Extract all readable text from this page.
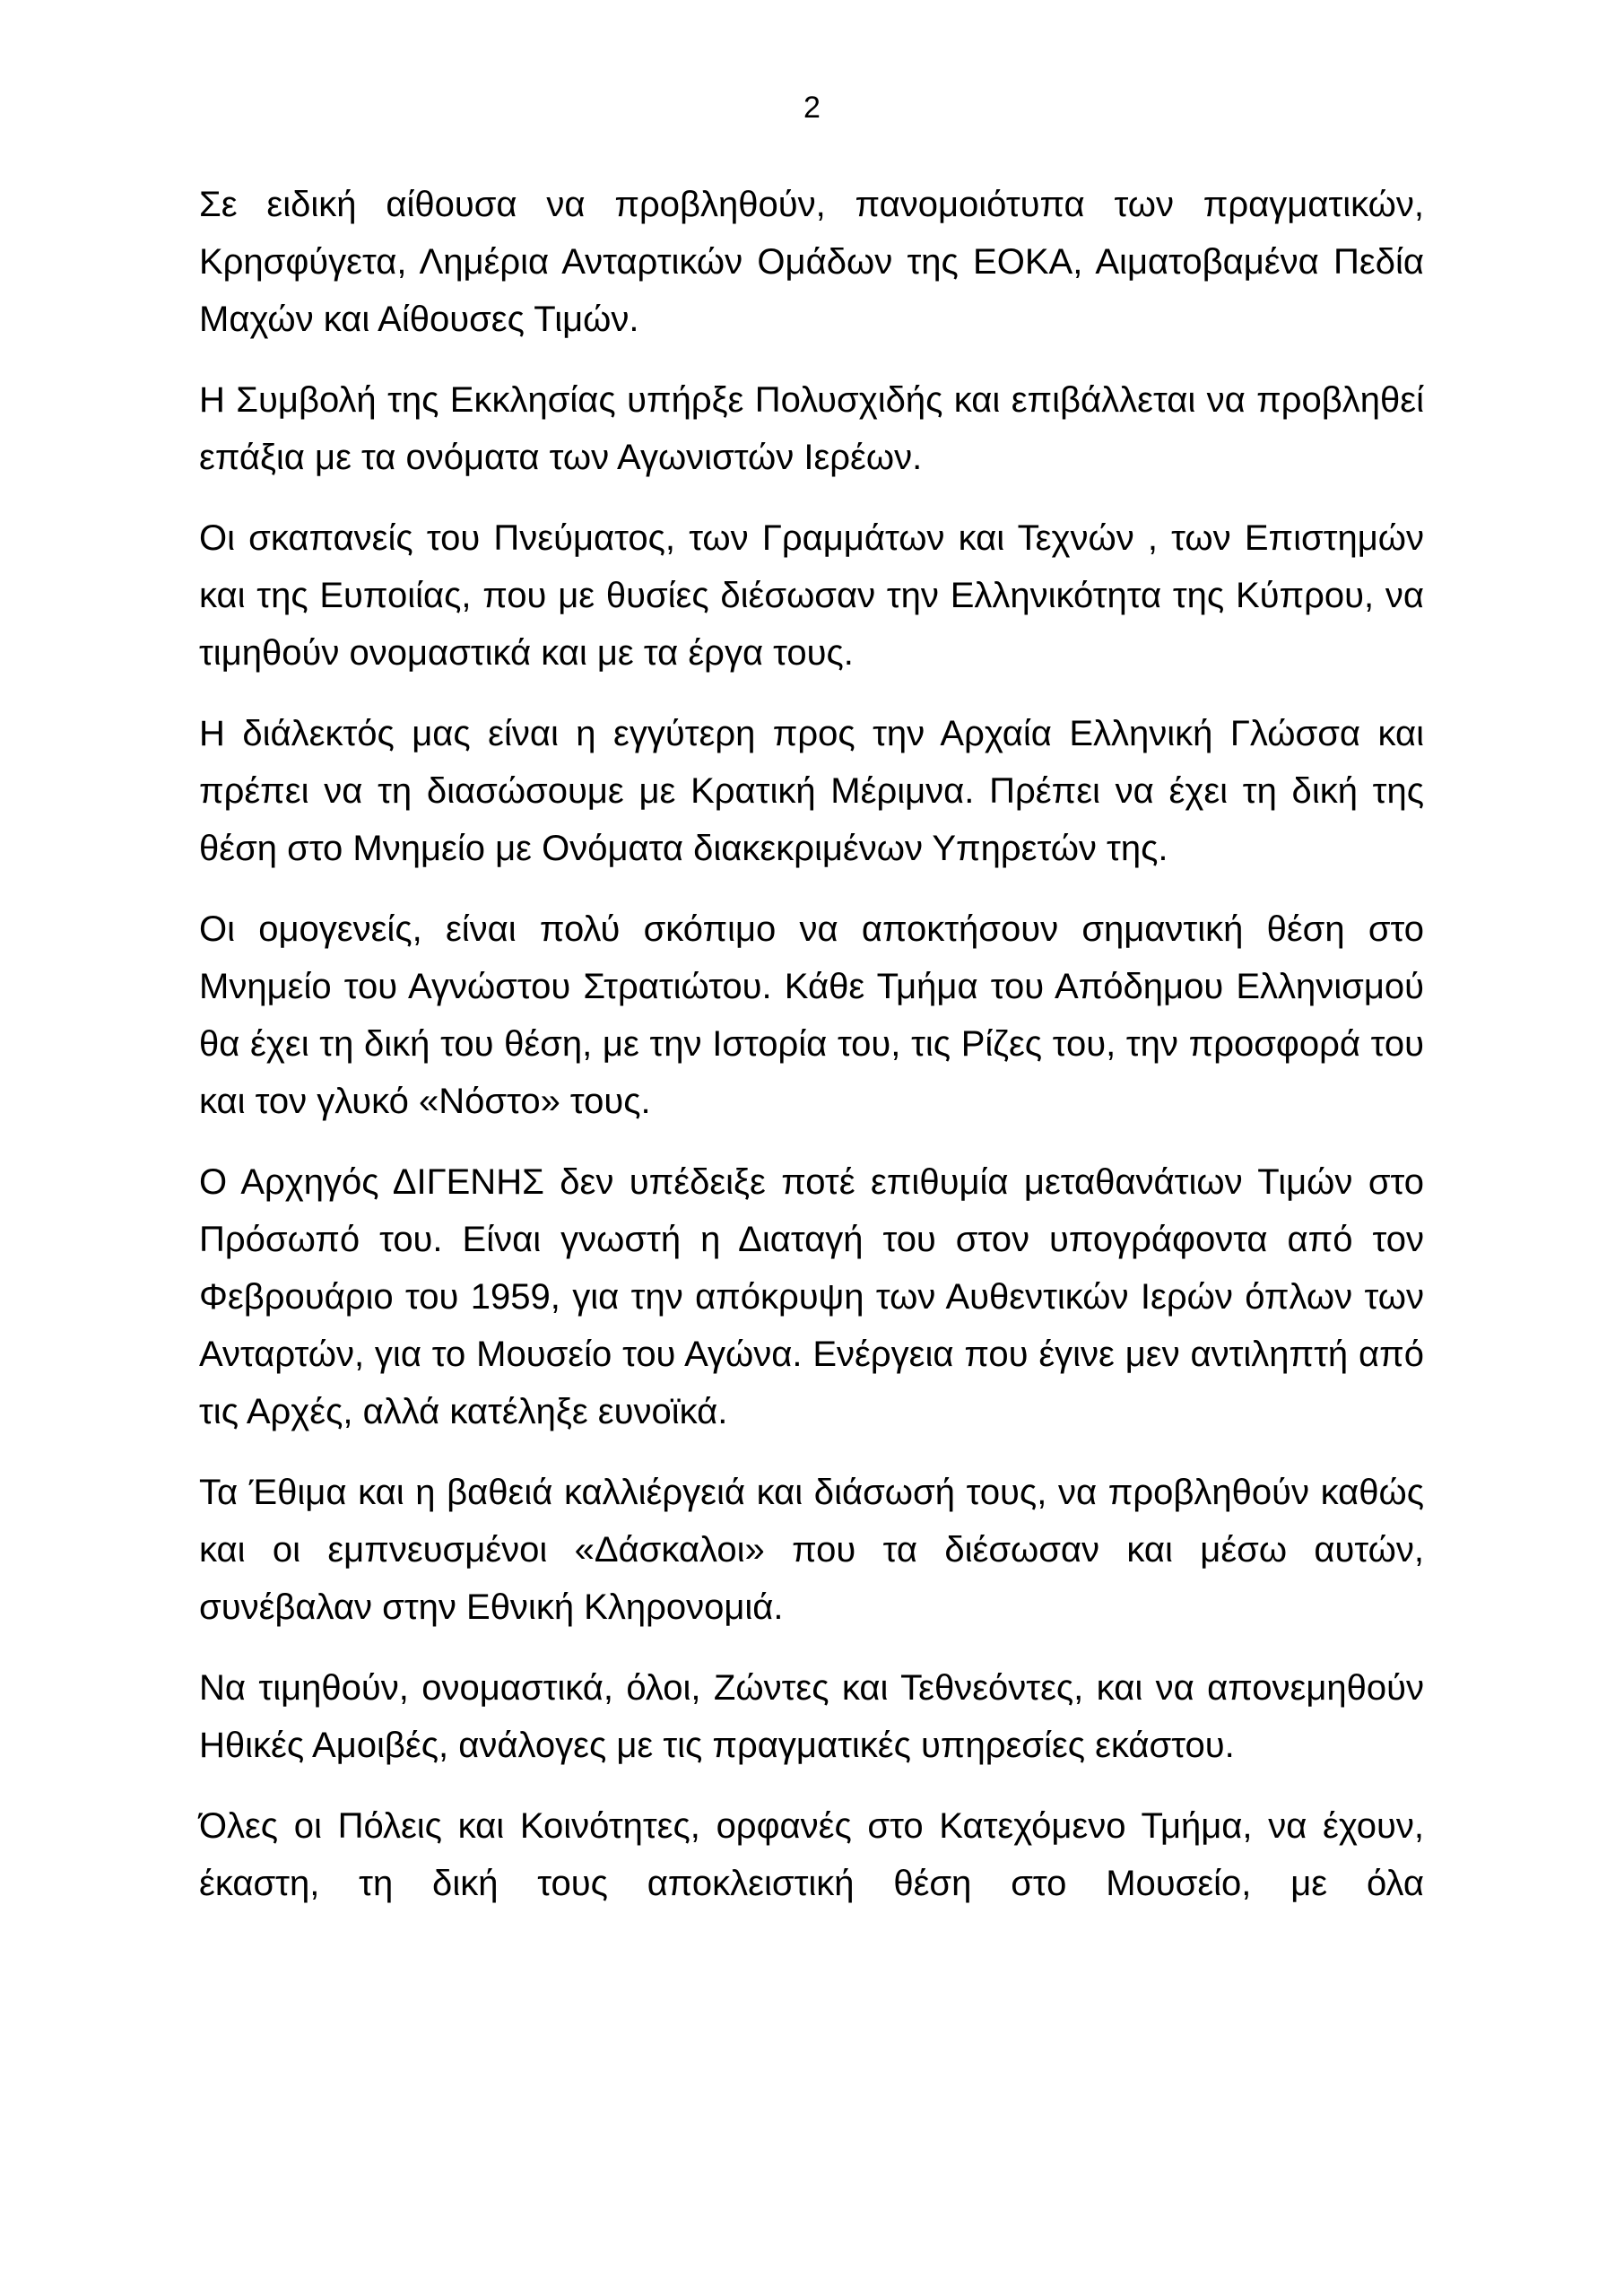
2

Σε ειδική αίθουσα να προβληθούν, πανομοιότυπα των πραγματικών, Κρησφύγετα, Λημέρια Ανταρτικών Ομάδων της ΕΟΚΑ, Αιματοβαμένα Πεδία Μαχών και Αίθουσες Τιμών.

Η Συμβολή της Εκκλησίας υπήρξε Πολυσχιδής και επιβάλλεται να προβληθεί επάξια με τα ονόματα των Αγωνιστών Ιερέων.

Οι σκαπανείς του Πνεύματος, των Γραμμάτων και Τεχνών , των Επιστημών και της Ευποιίας, που με θυσίες διέσωσαν την Ελληνικότητα της Κύπρου, να τιμηθούν ονομαστικά και με τα έργα τους.

Η διάλεκτός μας είναι η εγγύτερη προς την Αρχαία Ελληνική Γλώσσα και πρέπει να τη διασώσουμε με Κρατική Μέριμνα. Πρέπει να έχει τη δική της θέση στο Μνημείο με Ονόματα διακεκριμένων Υπηρετών της.

Οι ομογενείς, είναι πολύ σκόπιμο να αποκτήσουν σημαντική θέση στο Μνημείο του Αγνώστου Στρατιώτου. Κάθε Τμήμα του Απόδημου Ελληνισμού θα έχει τη δική του θέση, με την Ιστορία του, τις Ρίζες του, την προσφορά του και τον γλυκό «Νόστο» τους.

Ο Αρχηγός ΔΙΓΕΝΗΣ δεν υπέδειξε ποτέ επιθυμία μεταθανάτιων Τιμών στο Πρόσωπό του. Είναι γνωστή η Διαταγή του στον υπογράφοντα από τον Φεβρουάριο του 1959, για την απόκρυψη των Αυθεντικών Ιερών όπλων των Ανταρτών, για το Μουσείο του Αγώνα. Ενέργεια που έγινε μεν αντιληπτή από τις Αρχές, αλλά κατέληξε ευνοϊκά.

Τα Έθιμα και η βαθειά καλλιέργειά και διάσωσή τους, να προβληθούν καθώς και οι εμπνευσμένοι «Δάσκαλοι» που τα διέσωσαν και μέσω αυτών, συνέβαλαν στην Εθνική Κληρονομιά.

Να τιμηθούν, ονομαστικά, όλοι, Ζώντες και Τεθνεόντες, και να απονεμηθούν Ηθικές Αμοιβές, ανάλογες με τις πραγματικές υπηρεσίες εκάστου.

Όλες οι Πόλεις και Κοινότητες, ορφανές στο Κατεχόμενο Τμήμα, να έχουν, έκαστη, τη δική τους αποκλειστική θέση στο Μουσείο, με όλα
